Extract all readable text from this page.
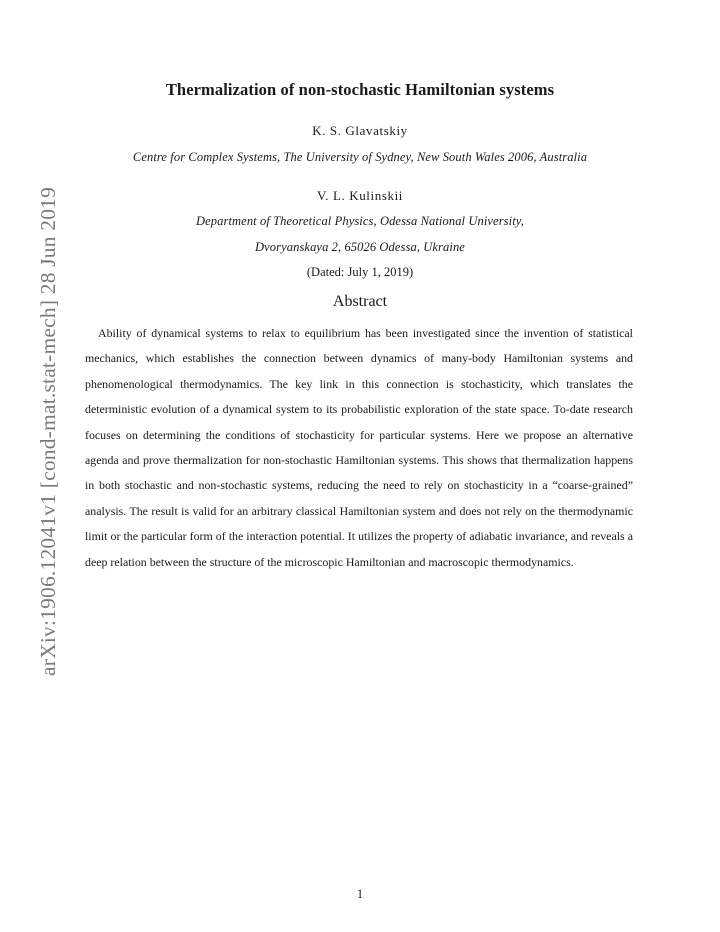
arXiv:1906.12041v1 [cond-mat.stat-mech] 28 Jun 2019
Thermalization of non-stochastic Hamiltonian systems
K. S. Glavatskiy
Centre for Complex Systems, The University of Sydney, New South Wales 2006, Australia
V. L. Kulinskii
Department of Theoretical Physics, Odessa National University,
Dvoryanskaya 2, 65026 Odessa, Ukraine
(Dated: July 1, 2019)
Abstract
Ability of dynamical systems to relax to equilibrium has been investigated since the invention of statistical mechanics, which establishes the connection between dynamics of many-body Hamiltonian systems and phenomenological thermodynamics. The key link in this connection is stochasticity, which translates the deterministic evolution of a dynamical system to its probabilistic exploration of the state space. To-date research focuses on determining the conditions of stochasticity for particular systems. Here we propose an alternative agenda and prove thermalization for non-stochastic Hamiltonian systems. This shows that thermalization happens in both stochastic and non-stochastic systems, reducing the need to rely on stochasticity in a “coarse-grained” analysis. The result is valid for an arbitrary classical Hamiltonian system and does not rely on the thermodynamic limit or the particular form of the interaction potential. It utilizes the property of adiabatic invariance, and reveals a deep relation between the structure of the microscopic Hamiltonian and macroscopic thermodynamics.
1
